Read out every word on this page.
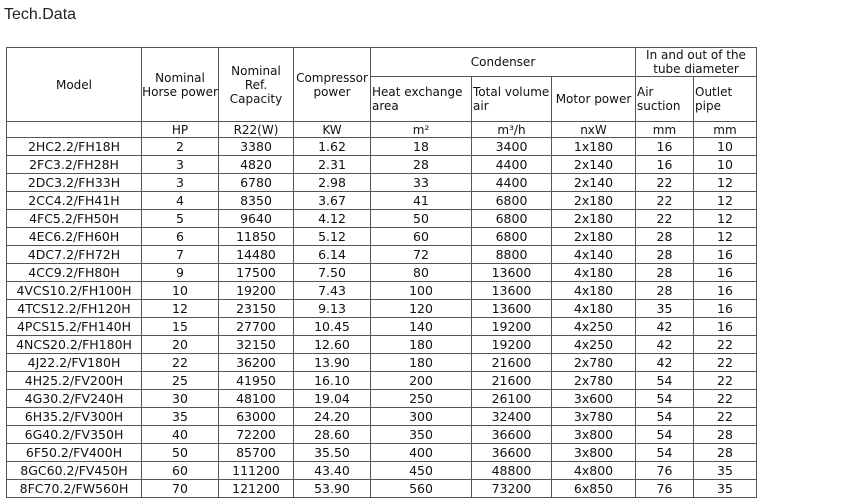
Tech.Data
Model	Nominal Horse power	Nominal Ref. Capacity	Compressor power	Condenser			In and out of the tube diameter	
				Heat exchange area	Total volume air	Motor power	Air suction	Outlet pipe
	HP	R22(W)	KW	m²	m³/h	nxW	mm	mm
2HC2.2/FH18H	2	3380	1.62	18	3400	1x180	16	10
2FC3.2/FH28H	3	4820	2.31	28	4400	2x140	16	10
2DC3.2/FH33H	3	6780	2.98	33	4400	2x140	22	12
2CC4.2/FH41H	4	8350	3.67	41	6800	2x180	22	12
4FC5.2/FH50H	5	9640	4.12	50	6800	2x180	22	12
4EC6.2/FH60H	6	11850	5.12	60	6800	2x180	28	12
4DC7.2/FH72H	7	14480	6.14	72	8800	4x140	28	16
4CC9.2/FH80H	9	17500	7.50	80	13600	4x180	28	16
4VCS10.2/FH100H	10	19200	7.43	100	13600	4x180	28	16
4TCS12.2/FH120H	12	23150	9.13	120	13600	4x180	35	16
4PCS15.2/FH140H	15	27700	10.45	140	19200	4x250	42	16
4NCS20.2/FH180H	20	32150	12.60	180	19200	4x250	42	22
4J22.2/FV180H	22	36200	13.90	180	21600	2x780	42	22
4H25.2/FV200H	25	41950	16.10	200	21600	2x780	54	22
4G30.2/FV240H	30	48100	19.04	250	26100	3x600	54	22
6H35.2/FV300H	35	63000	24.20	300	32400	3x780	54	22
6G40.2/FV350H	40	72200	28.60	350	36600	3x800	54	28
6F50.2/FV400H	50	85700	35.50	400	36600	3x800	54	28
8GC60.2/FV450H	60	111200	43.40	450	48800	4x800	76	35
8FC70.2/FW560H	70	121200	53.90	560	73200	6x850	76	35
